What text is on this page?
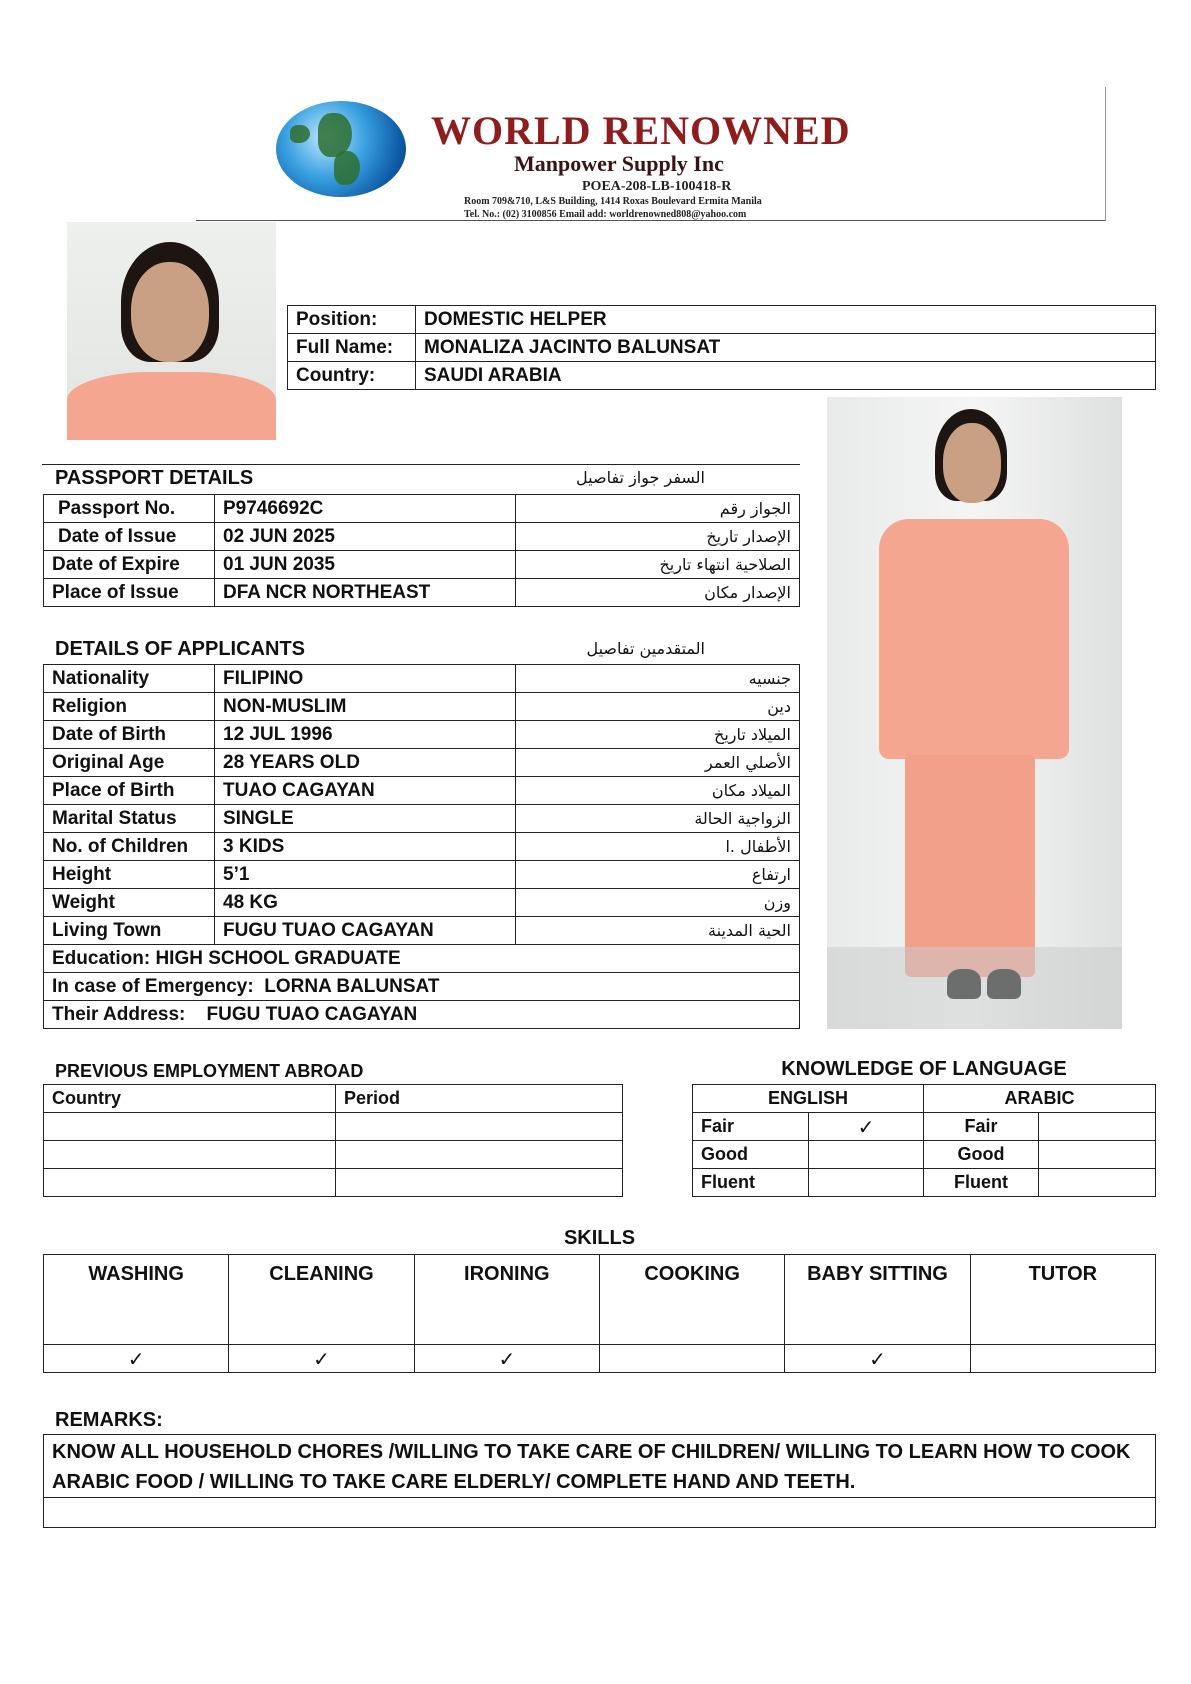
WORLD RENOWNED
Manpower Supply Inc
POEA-208-LB-100418-R
Room 709&710, L&S Building, 1414 Roxas Boulevard Ermita Manila
Tel. No.: (02) 3100856 Email add: worldrenowned808@yahoo.com
Position:	DOMESTIC HELPER
Full Name:	MONALIZA JACINTO BALUNSAT
Country:	SAUDI ARABIA
PASSPORT DETAILS	السفر جواز تفاصيل
Passport No.	P9746692C	الجواز رقم
Date of Issue	02 JUN 2025	الإصدار تاريخ
Date of Expire	01 JUN 2035	الصلاحية انتهاء تاريخ
Place of Issue	DFA NCR NORTHEAST	الإصدار مكان
DETAILS OF APPLICANTS	المتقدمين تفاصيل
Nationality	FILIPINO	جنسيه
Religion	NON-MUSLIM	دين
Date of Birth	12 JUL 1996	الميلاد تاريخ
Original Age	28 YEARS OLD	الأصلي العمر
Place of Birth	TUAO CAGAYAN	الميلاد مكان
Marital Status	SINGLE	الزواجية الحالة
No. of Children	3 KIDS	الأطفال .ا
Height	5’1	ارتفاع
Weight	48 KG	وزن
Living Town	FUGU TUAO CAGAYAN	الحية المدينة
Education: HIGH SCHOOL GRADUATE		
In case of Emergency:  LORNA BALUNSAT		
Their Address:    FUGU TUAO CAGAYAN		
PREVIOUS EMPLOYMENT ABROAD
Country	Period

KNOWLEDGE OF LANGUAGE
ENGLISH		ARABIC	
Fair	✓	Fair	
Good		Good	
Fluent		Fluent	
SKILLS
WASHING	CLEANING	IRONING	COOKING	BABY SITTING	TUTOR
✓	✓	✓		✓	
REMARKS:
KNOW ALL HOUSEHOLD CHORES /WILLING TO TAKE CARE OF CHILDREN/ WILLING TO LEARN HOW TO COOK
ARABIC FOOD / WILLING TO TAKE CARE ELDERLY/ COMPLETE HAND AND TEETH.
